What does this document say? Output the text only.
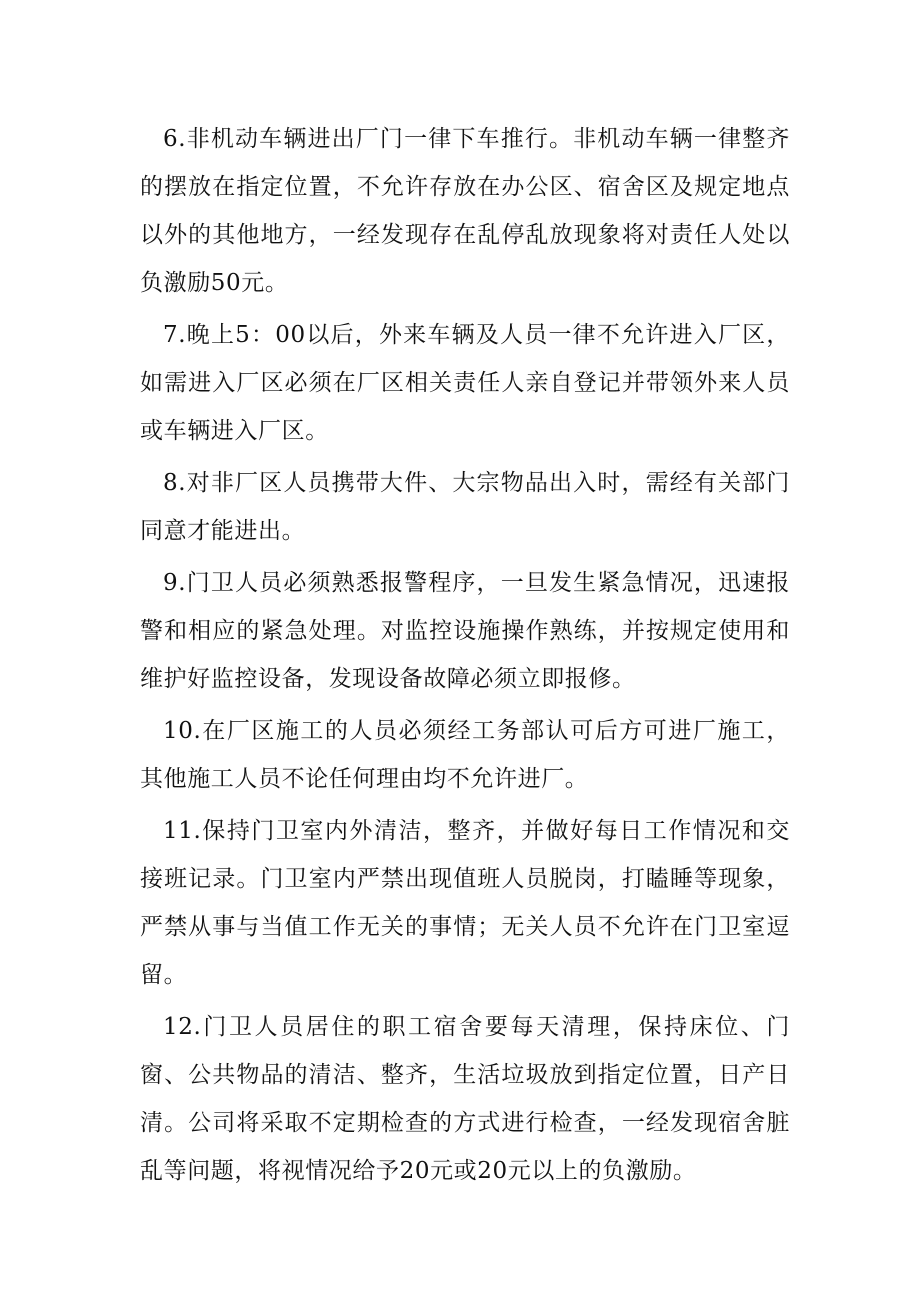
6.非机动车辆进出厂门一律下车推行。非机动车辆一律整齐的摆放在指定位置，不允许存放在办公区、宿舍区及规定地点以外的其他地方，一经发现存在乱停乱放现象将对责任人处以负激励50元。

7.晚上5：00以后，外来车辆及人员一律不允许进入厂区，如需进入厂区必须在厂区相关责任人亲自登记并带领外来人员或车辆进入厂区。

8.对非厂区人员携带大件、大宗物品出入时，需经有关部门同意才能进出。

9.门卫人员必须熟悉报警程序，一旦发生紧急情况，迅速报警和相应的紧急处理。对监控设施操作熟练，并按规定使用和维护好监控设备，发现设备故障必须立即报修。

10.在厂区施工的人员必须经工务部认可后方可进厂施工，其他施工人员不论任何理由均不允许进厂。

11.保持门卫室内外清洁，整齐，并做好每日工作情况和交接班记录。门卫室内严禁出现值班人员脱岗，打瞌睡等现象，严禁从事与当值工作无关的事情；无关人员不允许在门卫室逗留。

12.门卫人员居住的职工宿舍要每天清理，保持床位、门窗、公共物品的清洁、整齐，生活垃圾放到指定位置，日产日清。公司将采取不定期检查的方式进行检查，一经发现宿舍脏乱等问题，将视情况给予20元或20元以上的负激励。
